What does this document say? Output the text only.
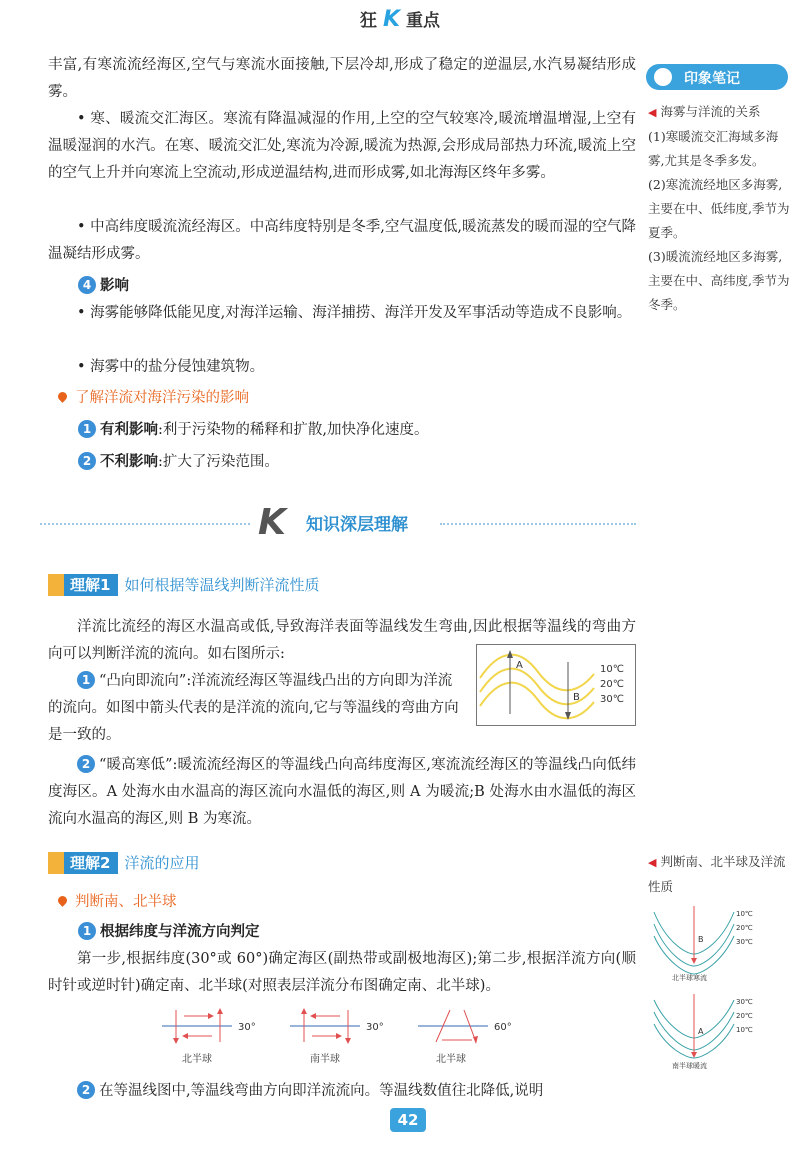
狂 K 重点
丰富,有寒流流经海区,空气与寒流水面接触,下层冷却,形成了稳定的逆温层,水汽易凝结形成雾。
• 寒、暖流交汇海区。寒流有降温减湿的作用,上空的空气较寒冷,暖流增温增湿,上空有温暖湿润的水汽。在寒、暖流交汇处,寒流为冷源,暖流为热源,会形成局部热力环流,暖流上空的空气上升并向寒流上空流动,形成逆温结构,进而形成雾,如北海海区终年多雾。
• 中高纬度暖流流经海区。中高纬度特别是冬季,空气温度低,暖流蒸发的暖而湿的空气降温凝结形成雾。
4 影响
• 海雾能够降低能见度,对海洋运输、海洋捕捞、海洋开发及军事活动等造成不良影响。
• 海雾中的盐分侵蚀建筑物。
了解洋流对海洋污染的影响
1 有利影响:利于污染物的稀释和扩散,加快净化速度。
2 不利影响:扩大了污染范围。
K 知识深层理解
理解1 如何根据等温线判断洋流性质
洋流比流经的海区水温高或低,导致海洋表面等温线发生弯曲,因此根据等温线的弯曲方向可以判断洋流的流向。如右图所示:
1 “凸向即流向”:洋流流经海区等温线凸出的方向即为洋流的流向。如图中箭头代表的是洋流的流向,它与等温线的弯曲方向是一致的。
A
B
10℃
20℃
30℃
2 “暖高寒低”:暖流流经海区的等温线凸向高纬度海区,寒流流经海区的等温线凸向低纬度海区。A 处海水由水温高的海区流向水温低的海区,则 A 为暖流;B 处海水由水温低的海区流向水温高的海区,则 B 为寒流。
理解2 洋流的应用
判断南、北半球
1 根据纬度与洋流方向判定
第一步,根据纬度(30°或 60°)确定海区(副热带或副极地海区);第二步,根据洋流方向(顺时针或逆时针)确定南、北半球(对照表层洋流分布图确定南、北半球)。
30°
北半球
30°
南半球
60°
北半球
2 在等温线图中,等温线弯曲方向即洋流流向。等温线数值往北降低,说明
印象笔记
◀ 海雾与洋流的关系
(1)寒暖流交汇海域多海雾,尤其是冬季多发。
(2)寒流流经地区多海雾,主要在中、低纬度,季节为夏季。
(3)暖流流经地区多海雾,主要在中、高纬度,季节为冬季。
◀ 判断南、北半球及洋流性质
B
10℃
20℃
30℃
北半球寒流
A
30℃
20℃
10℃
南半球暖流
42
